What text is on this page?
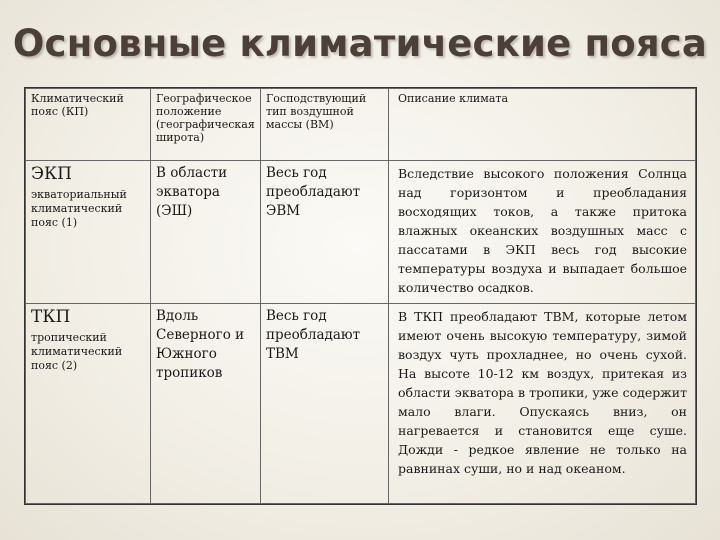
Основные климатические пояса
Климатический пояс (КП)	Географическое положение (географическая широта)	Господствующий тип воздушной массы (ВМ)	Описание климата

ЭКП
экваториальный климатический пояс (1)	В области экватора (ЭШ)	Весь год преобладают ЭВМ	Вследствие высокого положения Солнца над горизонтом и преобладания восходящих токов, а также притока влажных океанских воздушных масс с пассатами в ЭКП весь год высокие температуры воздуха и выпадает большое количество осадков.

ТКП
тропический климатический пояс (2)	Вдоль Северного и Южного тропиков	Весь год преобладают ТВМ	В ТКП преобладают ТВМ, которые летом имеют очень высокую температуру, зимой воздух чуть прохладнее, но очень сухой. На высоте 10-12 км воздух, притекая из области экватора в тропики, уже содержит мало влаги. Опускаясь вниз, он нагревается и становится еще суше. Дожди - редкое явление не только на равнинах суши, но и над океаном.
